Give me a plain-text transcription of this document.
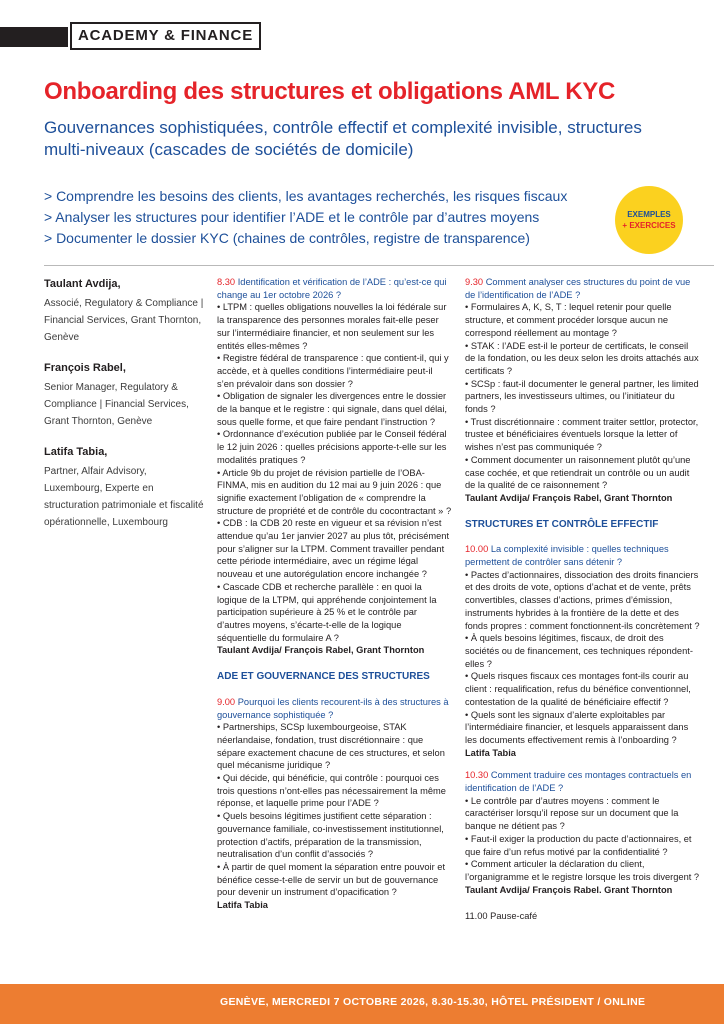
ACADEMY & FINANCE
Onboarding des structures et obligations AML KYC
Gouvernances sophistiquées, contrôle effectif et complexité invisible, structures multi-niveaux (cascades de sociétés de domicile)
> Comprendre les besoins des clients, les avantages recherchés, les risques fiscaux
> Analyser les structures pour identifier l’ADE et le contrôle par d’autres moyens
> Documenter le dossier KYC (chaines de contrôles, registre de transparence)
EXEMPLES
+ EXERCICES
Taulant Avdija,
Associé, Regulatory & Compliance | Financial Services, Grant Thornton, Genève
François Rabel,
Senior Manager, Regulatory & Compliance | Financial Services, Grant Thornton, Genève
Latifa Tabia,
Partner, Alfair Advisory, Luxembourg, Experte en structuration patrimoniale et fiscalité opérationnelle, Luxembourg
8.30 Identification et vérification de l’ADE : qu’est-ce qui change au 1er octobre 2026 ?
• LTPM : quelles obligations nouvelles la loi fédérale sur la transparence des personnes morales fait-elle peser sur l’intermédiaire financier, et non seulement sur les entités elles-mêmes ?
• Registre fédéral de transparence : que contient-il, qui y accède, et à quelles conditions l’intermédiaire peut-il s’en prévaloir dans son dossier ?
• Obligation de signaler les divergences entre le dossier de la banque et le registre : qui signale, dans quel délai, sous quelle forme, et que faire pendant l’instruction ?
• Ordonnance d’exécution publiée par le Conseil fédéral le 12 juin 2026 : quelles précisions apporte-t-elle sur les modalités pratiques ?
• Article 9b du projet de révision partielle de l’OBA-FINMA, mis en audition du 12 mai au 9 juin 2026 : que signifie exactement l’obligation de « comprendre la structure de propriété et de contrôle du cocontractant » ?
• CDB : la CDB 20 reste en vigueur et sa révision n’est attendue qu’au 1er janvier 2027 au plus tôt, précisément pour s’aligner sur la LTPM. Comment travailler pendant cette période intermédiaire, avec un régime légal nouveau et une autorégulation encore inchangée ?
• Cascade CDB et recherche parallèle : en quoi la logique de la LTPM, qui appréhende conjointement la participation supérieure à 25 % et le contrôle par d’autres moyens, s’écarte-t-elle de la logique séquentielle du formulaire A ?
Taulant Avdija/ François Rabel, Grant Thornton
ADE ET GOUVERNANCE DES STRUCTURES
9.00 Pourquoi les clients recourent-ils à des structures à gouvernance sophistiquée ?
• Partnerships, SCSp luxembourgeoise, STAK néerlandaise, fondation, trust discrétionnaire : que sépare exactement chacune de ces structures, et selon quel mécanisme juridique ?
• Qui décide, qui bénéficie, qui contrôle : pourquoi ces trois questions n’ont-elles pas nécessairement la même réponse, et laquelle prime pour l’ADE ?
• Quels besoins légitimes justifient cette séparation : gouvernance familiale, co-investissement institutionnel, protection d’actifs, préparation de la transmission, neutralisation d’un conflit d’associés ?
• À partir de quel moment la séparation entre pouvoir et bénéfice cesse-t-elle de servir un but de gouvernance pour devenir un instrument d’opacification ?
Latifa Tabia
9.30 Comment analyser ces structures du point de vue de l’identification de l’ADE ?
• Formulaires A, K, S, T : lequel retenir pour quelle structure, et comment procéder lorsque aucun ne correspond réellement au montage ?
• STAK : l’ADE est-il le porteur de certificats, le conseil de la fondation, ou les deux selon les droits attachés aux certificats ?
• SCSp : faut-il documenter le general partner, les limited partners, les investisseurs ultimes, ou l’initiateur du fonds ?
• Trust discrétionnaire : comment traiter settlor, protector, trustee et bénéficiaires éventuels lorsque la letter of wishes n’est pas communiquée ?
• Comment documenter un raisonnement plutôt qu’une case cochée, et que retiendrait un contrôle ou un audit de la qualité de ce raisonnement ?
Taulant Avdija/ François Rabel, Grant Thornton
STRUCTURES ET CONTRÔLE EFFECTIF
10.00 La complexité invisible : quelles techniques permettent de contrôler sans détenir ?
• Pactes d’actionnaires, dissociation des droits financiers et des droits de vote, options d’achat et de vente, prêts convertibles, classes d’actions, primes d’émission, instruments hybrides à la frontière de la dette et des fonds propres : comment fonctionnent-ils concrètement ?
• À quels besoins légitimes, fiscaux, de droit des sociétés ou de financement, ces techniques répondent-elles ?
• Quels risques fiscaux ces montages font-ils courir au client : requalification, refus du bénéfice conventionnel, contestation de la qualité de bénéficiaire effectif ?
• Quels sont les signaux d’alerte exploitables par l’intermédiaire financier, et lesquels apparaissent dans les documents effectivement remis à l’onboarding ?
Latifa Tabia
10.30 Comment traduire ces montages contractuels en identification de l’ADE ?
• Le contrôle par d’autres moyens : comment le caractériser lorsqu’il repose sur un document que la banque ne détient pas ?
• Faut-il exiger la production du pacte d’actionnaires, et que faire d’un refus motivé par la confidentialité ?
• Comment articuler la déclaration du client, l’organigramme et le registre lorsque les trois divergent ?
Taulant Avdija/ François Rabel. Grant Thornton
11.00 Pause-café
GENÈVE, MERCREDI 7 OCTOBRE 2026, 8.30-15.30, HÔTEL PRÉSIDENT / ONLINE
